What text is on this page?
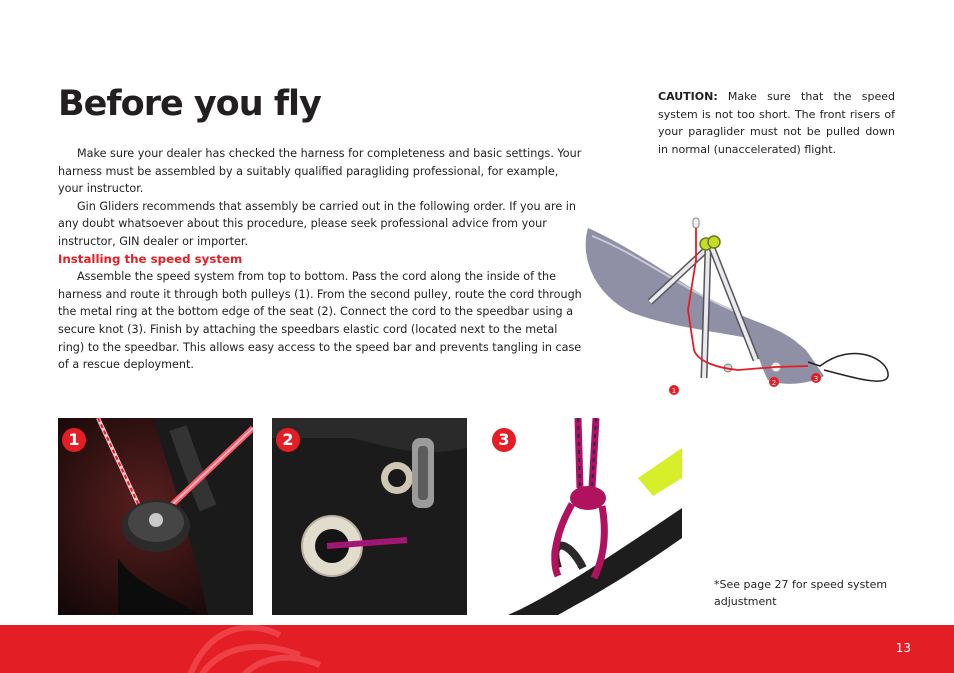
Before you fly

Make sure your dealer has checked the harness for completeness and basic settings. Your harness must be assembled by a suitably qualified paragliding professional, for example, your instructor.

Gin Gliders recommends that assembly be carried out in the following order. If you are in any doubt whatsoever about this procedure, please seek professional advice from your instructor, GIN dealer or importer.

Installing the speed system

Assemble the speed system from top to bottom. Pass the cord along the inside of the harness and route it through both pulleys (1). From the second pulley, route the cord through the metal ring at the bottom edge of the seat (2). Connect the cord to the speedbar using a secure knot (3). Finish by attaching the speedbars elastic cord (located next to the metal ring) to the speedbar. This allows easy access to the speed bar and prevents tangling in case of a rescue deployment.

CAUTION: Make sure that the speed system is not too short. The front risers of your paraglider must not be pulled down in normal (unaccelerated) flight.

1
2	3
1	2	3

*See page 27 for speed system adjustment

13
